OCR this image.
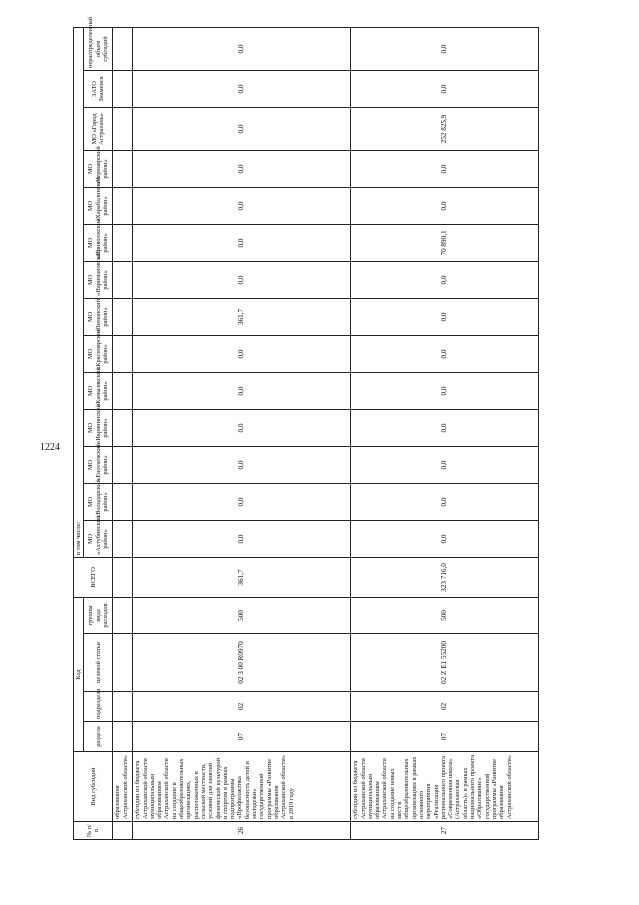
1224
№ п/п	Вид субсидий	Код				ВСЕГО	в том числе:													
		раздела	подраздела	целевой статьи	группы вида расходов		МО «Ахтубинский район»	МО «Володарский район»	МО «Енотаевский район»	МО «Икрянинский район»	МО «Камызякский район»	МО «Красноярский район»	МО «Лиманский район»	МО «Наримановский район»	МО «Приволжский район»	МО «Харабалинский район»	МО «Черноярский район»	МО «Город Астрахань»	ЗАТО Знаменск	нераспределенный объем субсидий
	образования Астраханской области»																			
26	субсидии из бюджета Астраханской области муниципальным образованиям Астраханской области на создание в общеобразовательных организациях, расположенных в сельской местности, условий для занятий физической культурой и спортом в рамках подпрограммы «Профилактика безопасность детей и молодежи» государственной программы «Развитие образования Астраханской области» в 2019 году	07	02	02 3 00 R0970	500	361,7	0,0	0,0	0,0	0,0	0,0	0,0	361,7	0,0	0,0	0,0	0,0	0,0	0,0	0,0
27	субсидии из бюджета Астраханской области муниципальным образованиям Астраханской области на создание новых мест в общеобразовательных организациях в рамках основного мероприятия «Реализация регионального проекта «Современная школа» (Астраханская область)» в рамках национального проекта «Образование» государственной программы «Развитие образования Астраханской области»	07	02	02 Z E1 55200	500	323 716,0	0,0	0,0	0,0	0,0	0,0	0,0	0,0	0,0	70 890,1	0,0	0,0	252 825,9	0,0	0,0
